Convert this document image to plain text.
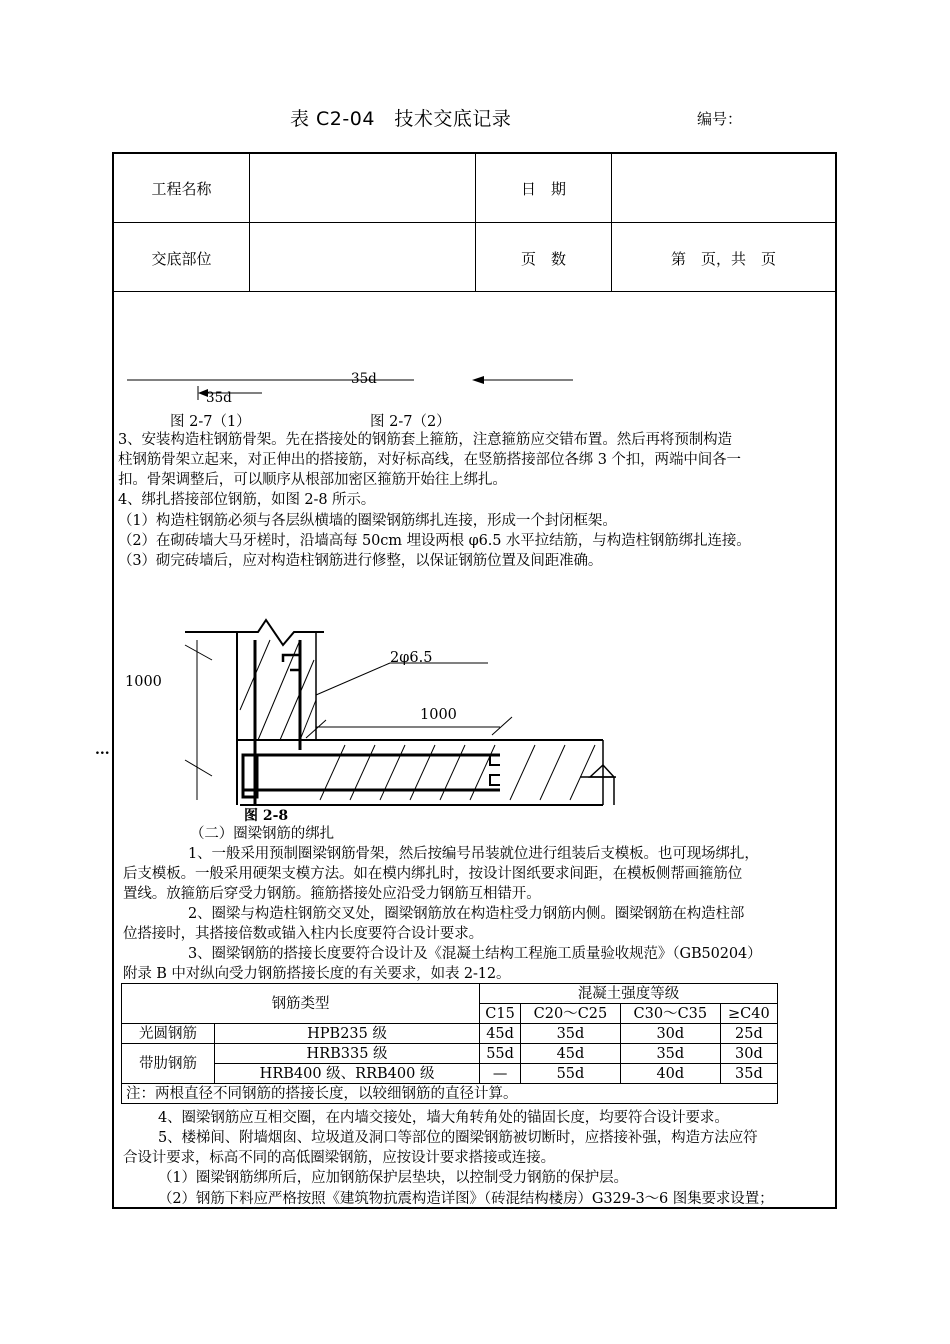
表 C2-04　技术交底记录	编号：
工程名称	日　期
交底部位	页　数	第　页，共　页
35d
35d
图 2-7（1）	图 2-7（2）
3、安装构造柱钢筋骨架。先在搭接处的钢筋套上箍筋，注意箍筋应交错布置。然后再将预制构造
柱钢筋骨架立起来，对正伸出的搭接筋，对好标高线，在竖筋搭接部位各绑 3 个扣，两端中间各一
扣。骨架调整后，可以顺序从根部加密区箍筋开始往上绑扎。
4、绑扎搭接部位钢筋，如图 2-8 所示。
（1）构造柱钢筋必须与各层纵横墙的圈梁钢筋绑扎连接，形成一个封闭框架。
（2）在砌砖墙大马牙槎时，沿墙高每 50cm 埋设两根 φ6.5 水平拉结筋，与构造柱钢筋绑扎连接。
（3）砌完砖墙后，应对构造柱钢筋进行修整，以保证钢筋位置及间距准确。
1000
1000
2φ6.5
图 2-8
...
（二）圈梁钢筋的绑扎
1、一般采用预制圈梁钢筋骨架，然后按编号吊装就位进行组装后支模板。也可现场绑扎，
后支模板。一般采用硬架支模方法。如在模内绑扎时，按设计图纸要求间距，在模板侧帮画箍筋位
置线。放箍筋后穿受力钢筋。箍筋搭接处应沿受力钢筋互相错开。
2、圈梁与构造柱钢筋交叉处，圈梁钢筋放在构造柱受力钢筋内侧。圈梁钢筋在构造柱部
位搭接时，其搭接倍数或锚入柱内长度要符合设计要求。
3、圈梁钢筋的搭接长度要符合设计及《混凝土结构工程施工质量验收规范》（GB50204）
附录 B 中对纵向受力钢筋搭接长度的有关要求，如表 2-12。
钢筋类型		混凝土强度等级			
		C15	C20～C25	C30～C35	≥C40
光圆钢筋	HPB235 级	45d	35d	30d	25d
带肋钢筋	HRB335 级	55d	45d	35d	30d
	HRB400 级、RRB400 级	—	55d	40d	35d
注：两根直径不同钢筋的搭接长度，以较细钢筋的直径计算。					
4、圈梁钢筋应互相交圈，在内墙交接处，墙大角转角处的锚固长度，均要符合设计要求。
5、楼梯间、附墙烟囱、垃圾道及洞口等部位的圈梁钢筋被切断时，应搭接补强，构造方法应符
合设计要求，标高不同的高低圈梁钢筋，应按设计要求搭接或连接。
（1）圈梁钢筋绑所后，应加钢筋保护层垫块，以控制受力钢筋的保护层。
（2）钢筋下料应严格按照《建筑物抗震构造详图》（砖混结构楼房）G329-3～6 图集要求设置；
